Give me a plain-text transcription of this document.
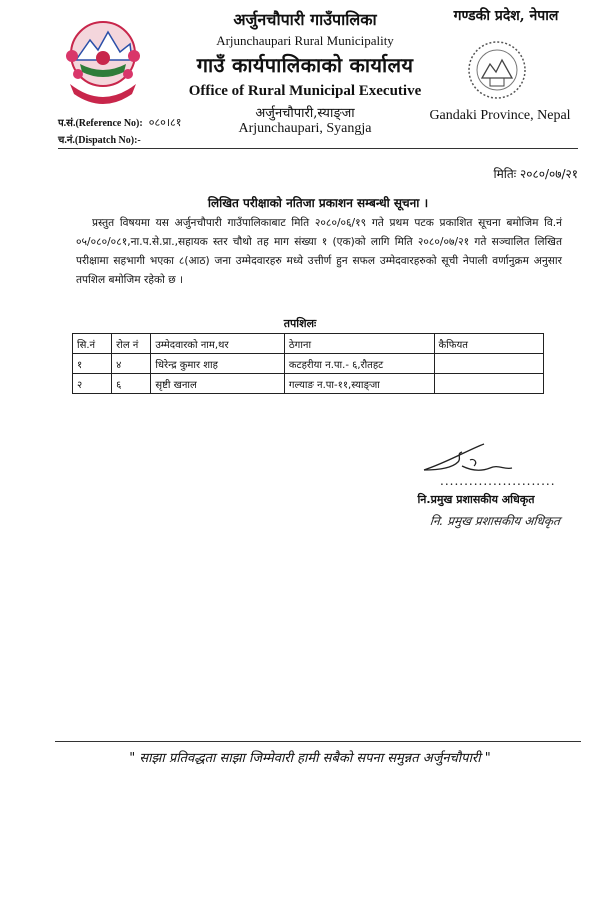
अर्जुनचौपारी गाउँपालिका
Arjunchaupari Rural Municipality
गाउँ कार्यपालिकाको कार्यालय
Office of Rural Municipal Executive
अर्जुनचौपारी,स्याङ्जा
Arjunchaupari, Syangja
गण्डकी प्रदेश, नेपाल
Gandaki Province, Nepal
प.सं.(Reference No): ०८०।८१
च.नं.(Dispatch No):-
मितिः २०८०/०७/२१
लिखित परीक्षाको नतिजा प्रकाशन सम्बन्धी सूचना ।

प्रस्तुत विषयमा यस अर्जुनचौपारी गाउँपालिकाबाट मिति २०८०/०६/१९ गते प्रथम पटक प्रकाशित सूचना बमोजिम वि.नं ०५/०८०/०८१,ना.प.से.प्रा.,सहायक स्तर चौथो तह माग संख्या १ (एक)को लागि मिति २०८०/०७/२१ गते सञ्चालित लिखित परीक्षामा सहभागी भएका ८(आठ) जना उम्मेदवारहरु मध्ये उत्तीर्ण हुन सफल उम्मेदवारहरुको सूची नेपाली वर्णानुक्रम अनुसार तपशिल बमोजिम रहेको छ ।

तपशिलः
सि.नं	रोल नं	उम्मेदवारको नाम,थर	ठेगाना	कैफियत
१	४	धिरेन्द्र कुमार शाह	कटहरीया न.पा.- ६,रौतहट	
२	६	सृष्टी खनाल	गल्याङ न.पा-११,स्याङ्जा	
........................
नि.प्रमुख प्रशासकीय अधिकृत
नि. प्रमुख प्रशासकीय अधिकृत
" साझा प्रतिवद्धता साझा जिम्मेवारी हामी सबैको सपना समुन्नत अर्जुनचौपारी "
